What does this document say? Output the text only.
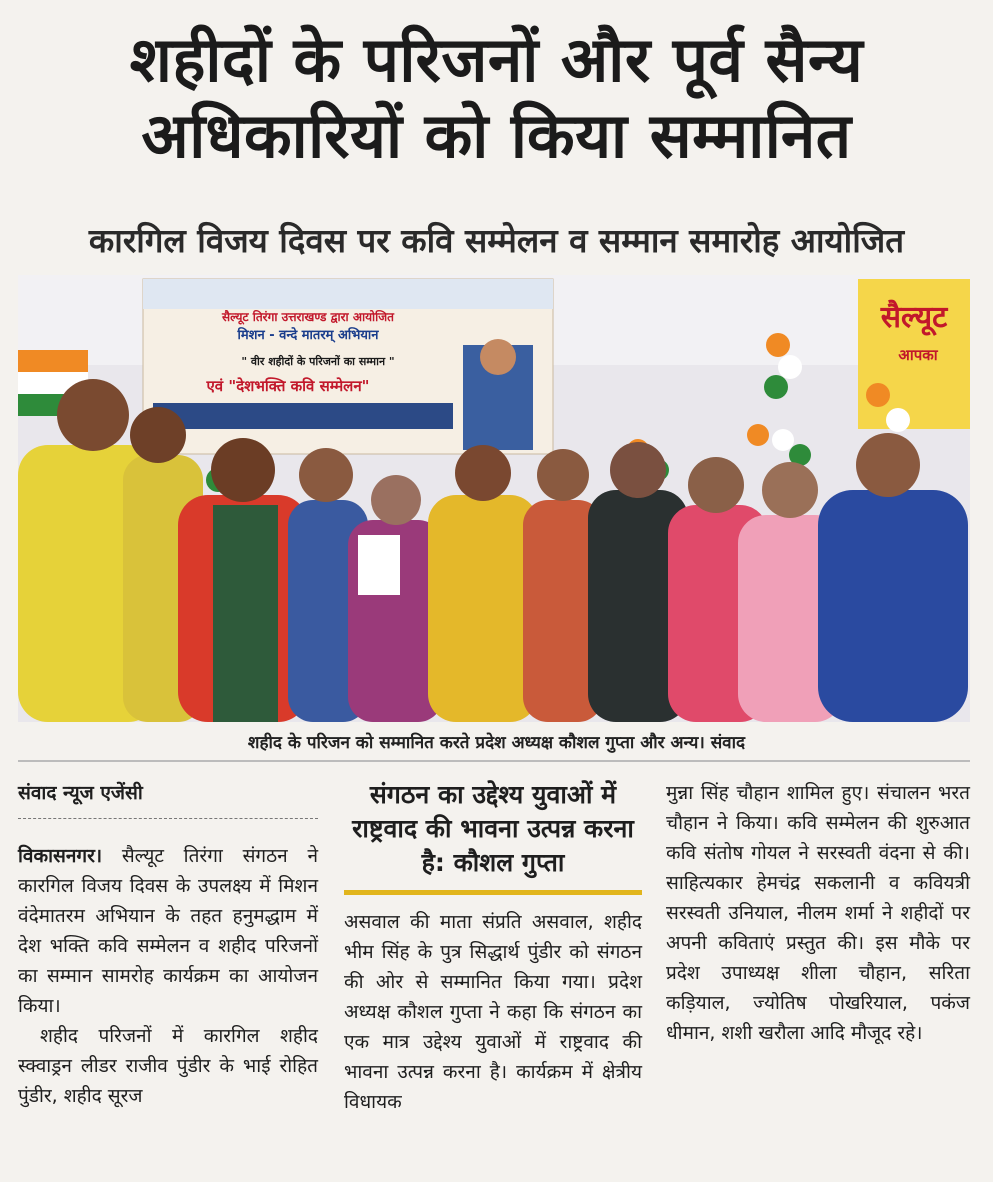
शहीदों के परिजनों और पूर्व सैन्य
अधिकारियों को किया सम्मानित
कारगिल विजय दिवस पर कवि सम्मेलन व सम्मान समारोह आयोजित
सैल्यूट तिरंगा उत्तराखण्ड द्वारा आयोजित
मिशन - वन्दे मातरम् अभियान
" वीर शहीदों के परिजनों का सम्मान "
एवं "देशभक्ति कवि सम्मेलन"
सैल्यूट
आपका
शहीद के परिजन को सम्मानित करते प्रदेश अध्यक्ष कौशल गुप्ता और अन्य। संवाद
संवाद न्यूज एजेंसी

विकासनगर। सैल्यूट तिरंगा संगठन ने कारगिल विजय दिवस के उपलक्ष्य में मिशन वंदेमातरम अभियान के तहत हनुमद्धाम में देश भक्ति कवि सम्मेलन व शहीद परिजनों का सम्मान सामरोह कार्यक्रम का आयोजन किया।

शहीद परिजनों में कारगिल शहीद स्क्वाड्रन लीडर राजीव पुंडीर के भाई रोहित पुंडीर, शहीद सूरज

संगठन का उद्देश्य युवाओं में राष्ट्रवाद की भावना उत्पन्न करना है: कौशल गुप्ता

असवाल की माता संप्रति असवाल, शहीद भीम सिंह के पुत्र सिद्धार्थ पुंडीर को संगठन की ओर से सम्मानित किया गया। प्रदेश अध्यक्ष कौशल गुप्ता ने कहा कि संगठन का एक मात्र उद्देश्य युवाओं में राष्ट्रवाद की भावना उत्पन्न करना है। कार्यक्रम में क्षेत्रीय विधायक

मुन्ना सिंह चौहान शामिल हुए। संचालन भरत चौहान ने किया। कवि सम्मेलन की शुरुआत कवि संतोष गोयल ने सरस्वती वंदना से की। साहित्यकार हेमचंद्र सकलानी व कवियत्री सरस्वती उनियाल, नीलम शर्मा ने शहीदों पर अपनी कविताएं प्रस्तुत की। इस मौके पर प्रदेश उपाध्यक्ष शीला चौहान, सरिता कड़ियाल, ज्योतिष पोखरियाल, पकंज धीमान, शशी खरौला आदि मौजूद रहे।
